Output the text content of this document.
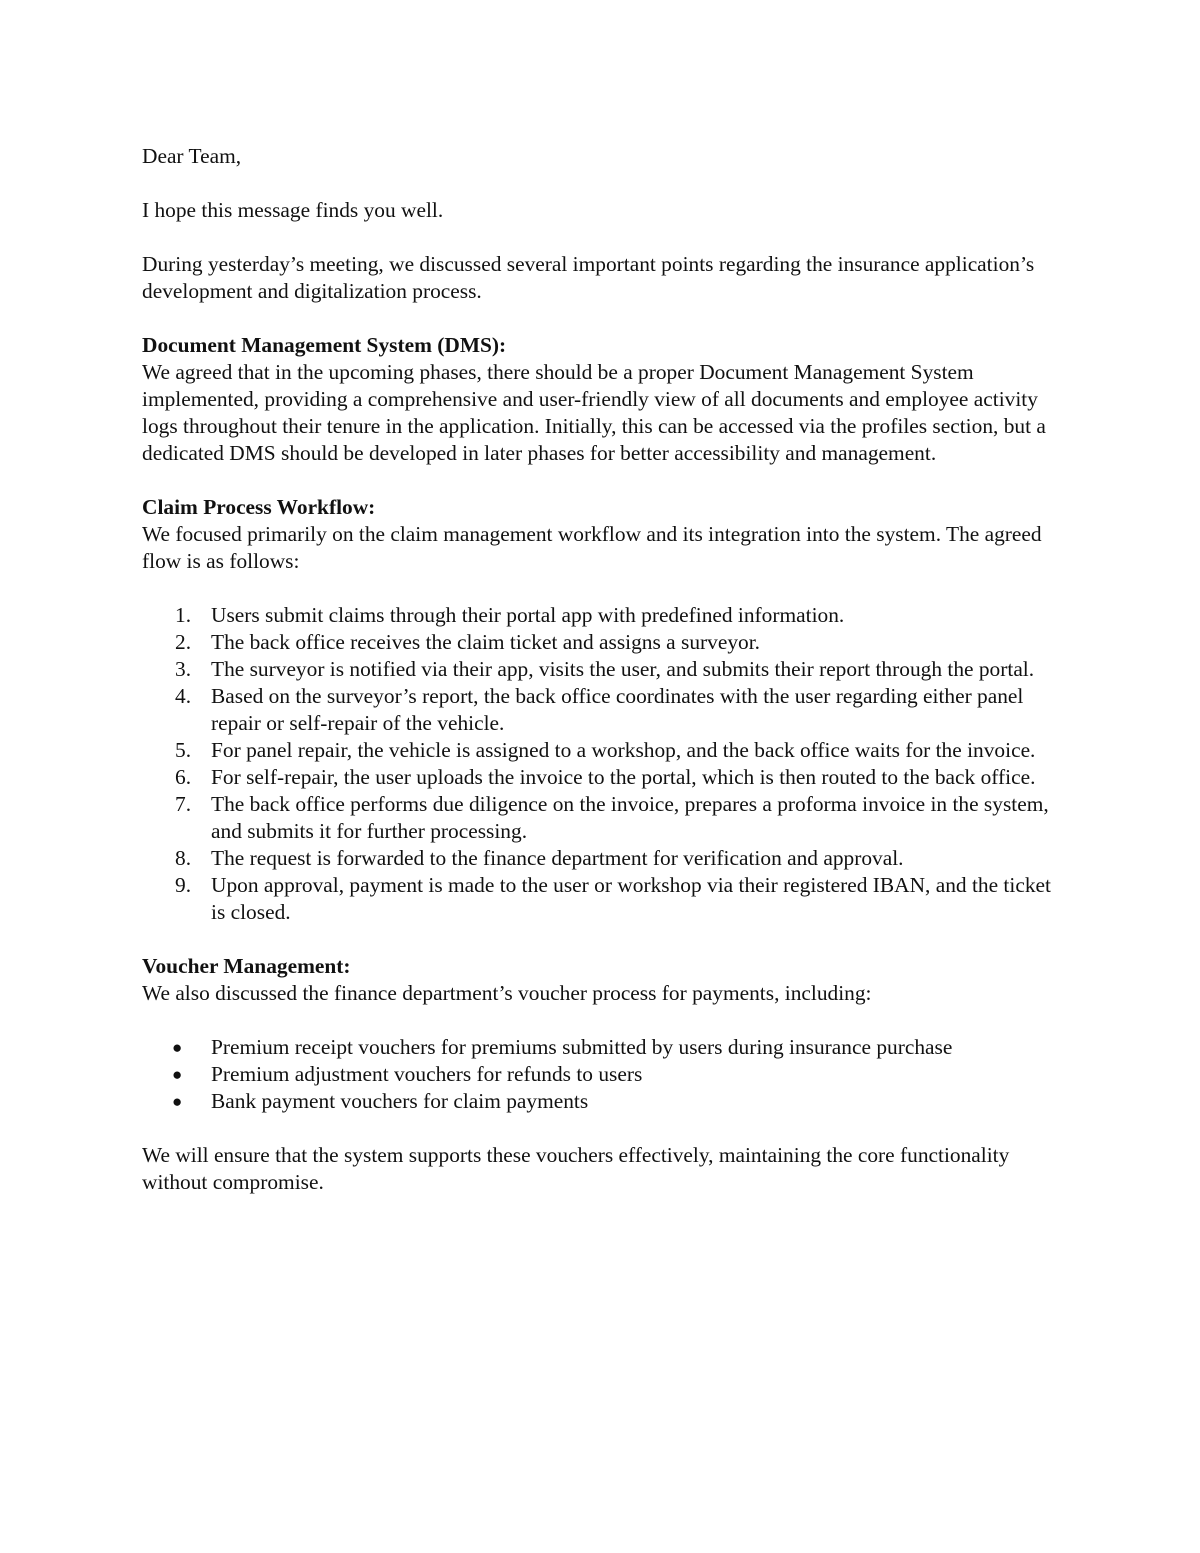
Dear Team,

I hope this message finds you well.

During yesterday’s meeting, we discussed several important points regarding the insurance application’s development and digitalization process.

Document Management System (DMS):
We agreed that in the upcoming phases, there should be a proper Document Management System implemented, providing a comprehensive and user-friendly view of all documents and employee activity logs throughout their tenure in the application. Initially, this can be accessed via the profiles section, but a dedicated DMS should be developed in later phases for better accessibility and management.
Claim Process Workflow:
We focused primarily on the claim management workflow and its integration into the system. The agreed flow is as follows:
1. Users submit claims through their portal app with predefined information.
2. The back office receives the claim ticket and assigns a surveyor.
3. The surveyor is notified via their app, visits the user, and submits their report through the portal.
4. Based on the surveyor’s report, the back office coordinates with the user regarding either panel repair or self-repair of the vehicle.
5. For panel repair, the vehicle is assigned to a workshop, and the back office waits for the invoice.
6. For self-repair, the user uploads the invoice to the portal, which is then routed to the back office.
7. The back office performs due diligence on the invoice, prepares a proforma invoice in the system, and submits it for further processing.
8. The request is forwarded to the finance department for verification and approval.
9. Upon approval, payment is made to the user or workshop via their registered IBAN, and the ticket is closed.
Voucher Management:
We also discussed the finance department’s voucher process for payments, including:
● Premium receipt vouchers for premiums submitted by users during insurance purchase
● Premium adjustment vouchers for refunds to users
● Bank payment vouchers for claim payments

We will ensure that the system supports these vouchers effectively, maintaining the core functionality without compromise.
